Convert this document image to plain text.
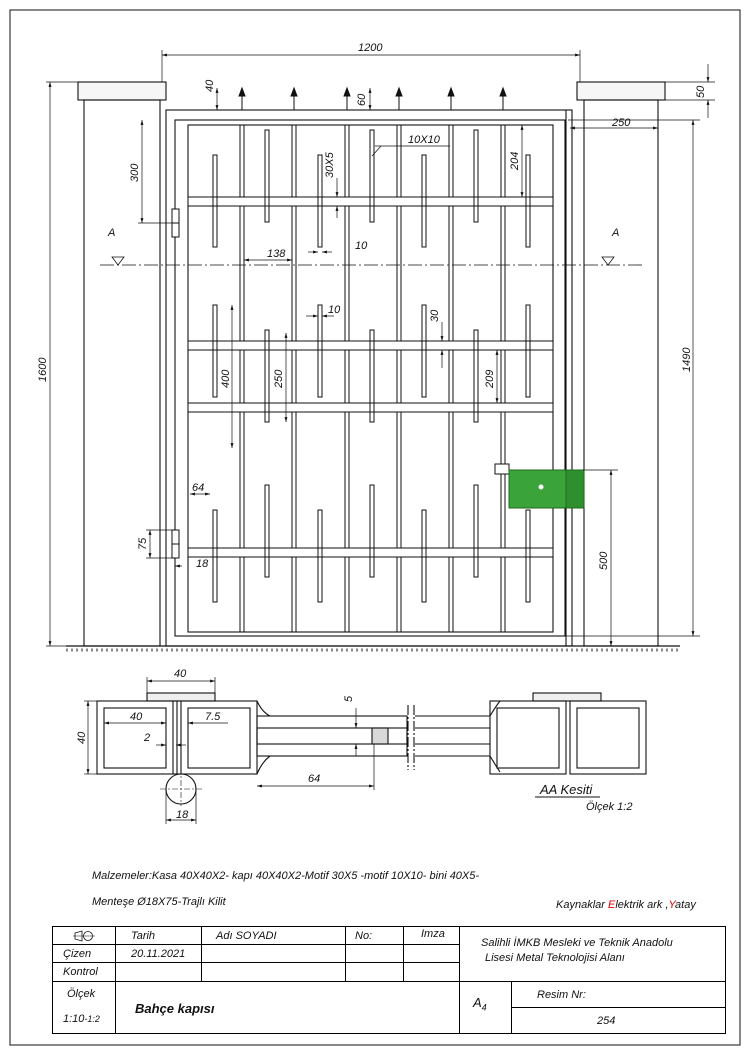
1200
40
60
50
250
10X10
300	30X5	204
A	A
10
138
10	30
1600	1490
400	250	209
64
75
18	500
40
40	7.5
40	2
5
64
18
AA Kesiti
Ölçek 1:2
Malzemeler:Kasa 40X40X2- kapı 40X40X2-Motif 30X5 -motif 10X10- bini 40X5-
Menteşe Ø18X75-Trajlı Kilit	Kaynaklar Elektrik ark ,Yatay
Tarih	Adı SOYADI	No:	Imza
Çizen	20.11.2021
Kontrol
Ölçek
1:10-1:2
Bahçe kapısı
Salihli İMKB Mesleki ve Teknik Anadolu
Lisesi Metal Teknolojisi Alanı
$A_4$
Resim Nr:
254
